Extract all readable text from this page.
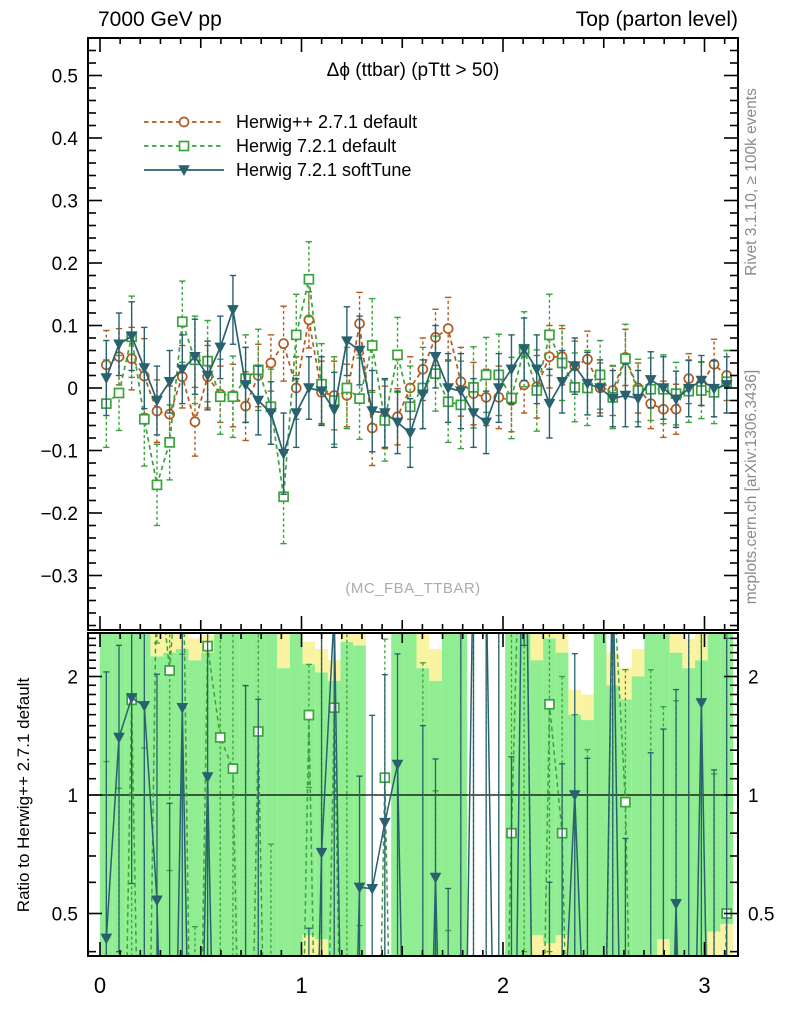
0	1	2	3
0.5
0.4
0.3
0.2
0.1
0
−0.1
−0.2
−0.3
2	2
1	1
0.5	0.5
7000 GeV pp	Top (parton level)
Δϕ (ttbar) (pTtt > 50)
Herwig++ 2.7.1 default
Herwig 7.2.1 default
Herwig 7.2.1 softTune
(MC_FBA_TTBAR)
Rivet 3.1.10, ≥ 100k events
mcplots.cern.ch [arXiv:1306.3436]
Ratio to Herwig++ 2.7.1 default
